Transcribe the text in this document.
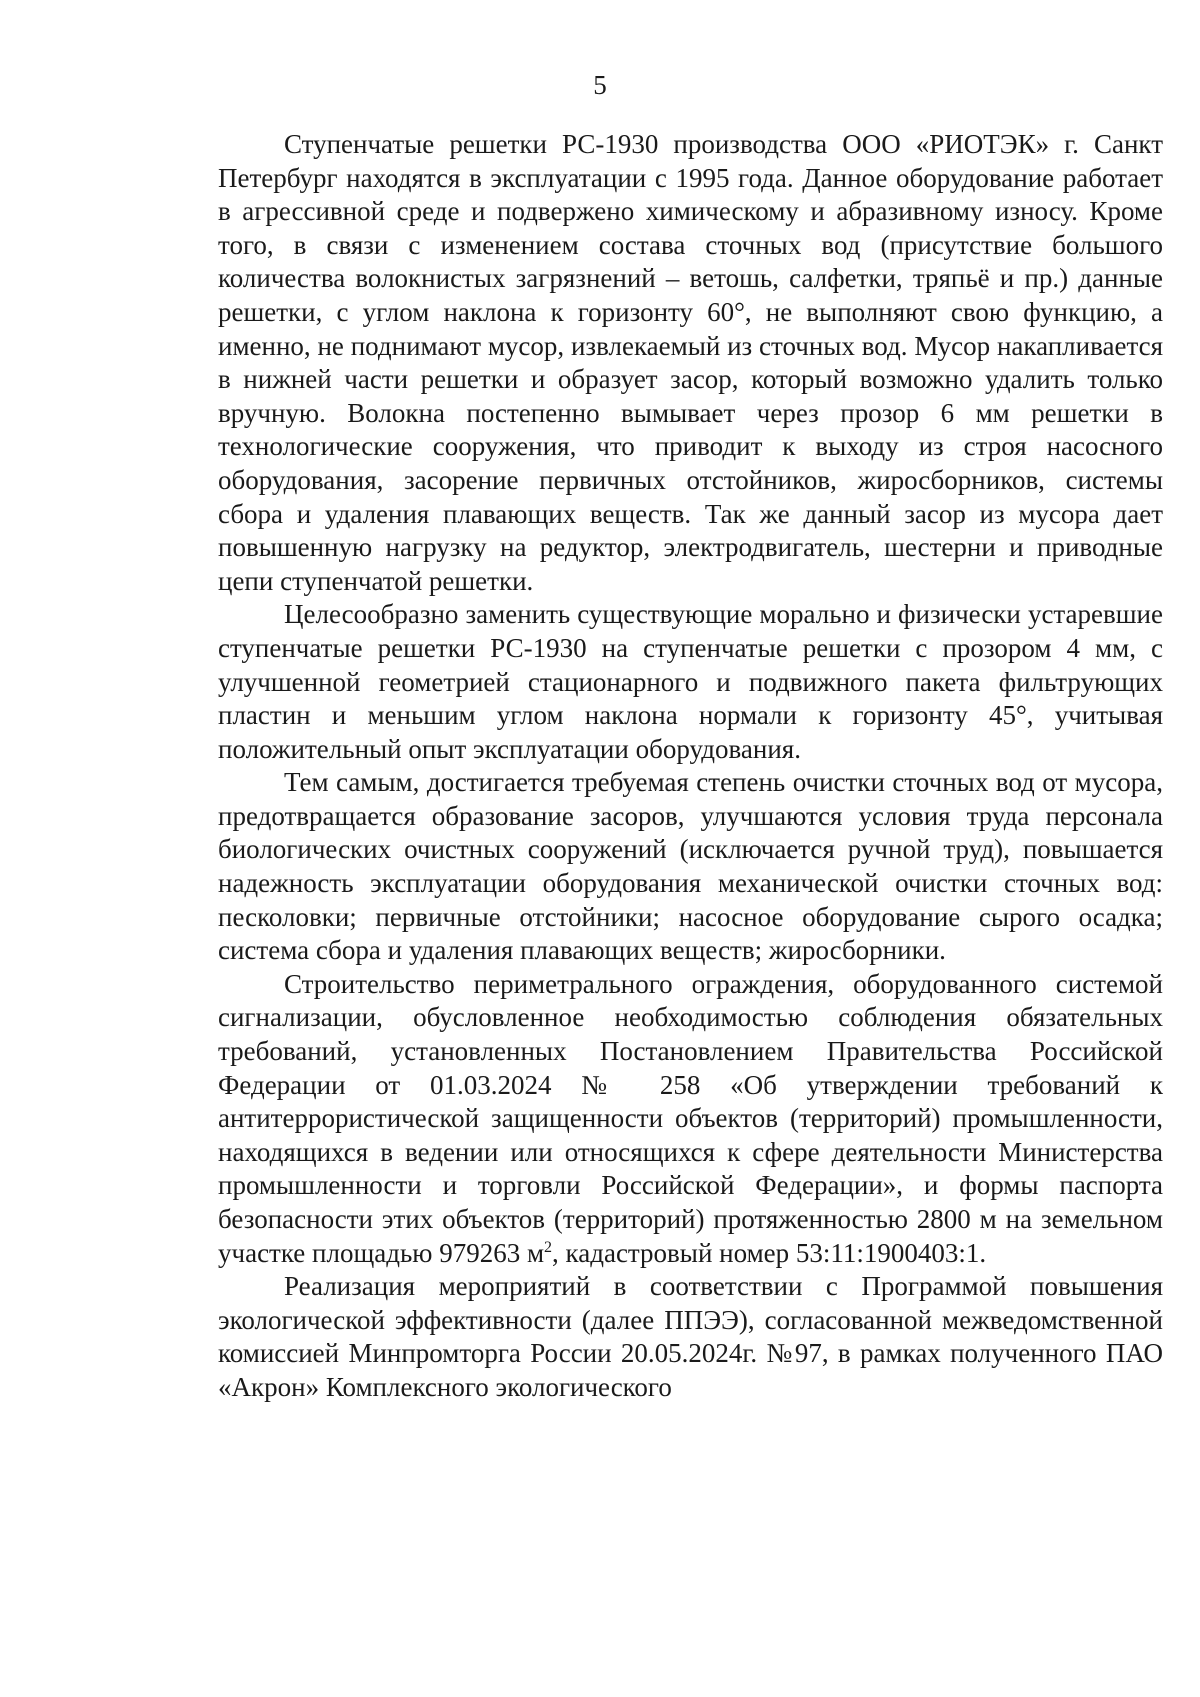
5

Ступенчатые решетки РС-1930 производства ООО «РИОТЭК» г. Санкт Петербург находятся в эксплуатации с 1995 года. Данное оборудование работает в агрессивной среде и подвержено химическому и абразивному износу. Кроме того, в связи с изменением состава сточных вод (присутствие большого количества волокнистых загрязнений – ветошь, салфетки, тряпьё и пр.) данные решетки, с углом наклона к горизонту 60°, не выполняют свою функцию, а именно, не поднимают мусор, извлекаемый из сточных вод. Мусор накапливается в нижней части решетки и образует засор, который возможно удалить только вручную. Волокна постепенно вымывает через прозор 6 мм решетки в технологические сооружения, что приводит к выходу из строя насосного оборудования, засорение первичных отстойников, жиросборников, системы сбора и удаления плавающих веществ. Так же данный засор из мусора дает повышенную нагрузку на редуктор, электродвигатель, шестерни и приводные цепи ступенчатой решетки.

Целесообразно заменить существующие морально и физически устаревшие ступенчатые решетки РС-1930 на ступенчатые решетки с прозором 4 мм, с улучшенной геометрией стационарного и подвижного пакета фильтрующих пластин и меньшим углом наклона нормали к горизонту 45°, учитывая положительный опыт эксплуатации оборудования.

Тем самым, достигается требуемая степень очистки сточных вод от мусора, предотвращается образование засоров, улучшаются условия труда персонала биологических очистных сооружений (исключается ручной труд), повышается надежность эксплуатации оборудования механической очистки сточных вод: песколовки; первичные отстойники; насосное оборудование сырого осадка; система сбора и удаления плавающих веществ; жиросборники.

Строительство периметрального ограждения, оборудованного системой сигнализации, обусловленное необходимостью соблюдения обязательных требований, установленных Постановлением Правительства Российской Федерации от 01.03.2024 № 258 «Об утверждении требований к антитеррористической защищенности объектов (территорий) промышленности, находящихся в ведении или относящихся к сфере деятельности Министерства промышленности и торговли Российской Федерации», и формы паспорта безопасности этих объектов (территорий) протяженностью 2800 м на земельном участке площадью 979263 $м^2$, кадастровый номер 53:11:1900403:1.

Реализация мероприятий в соответствии с Программой повышения экологической эффективности (далее ППЭЭ), согласованной межведомственной комиссией Минпромторга России 20.05.2024г. №97, в рамках полученного ПАО «Акрон» Комплексного экологического
